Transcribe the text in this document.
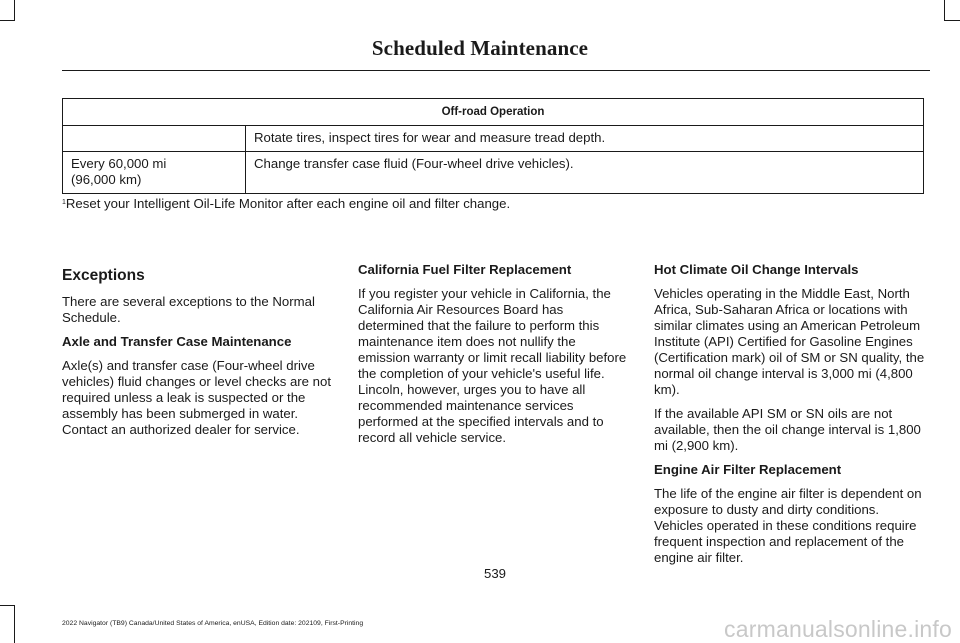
Scheduled Maintenance
Off-road Operation	
	Rotate tires, inspect tires for wear and measure tread depth.

Every 60,000 mi
(96,000 km)	Change transfer case fluid (Four-wheel drive vehicles).
$^1$Reset your Intelligent Oil-Life Monitor after each engine oil and filter change.
Exceptions

There are several exceptions to the Normal Schedule.

Axle and Transfer Case Maintenance

Axle(s) and transfer case (Four-wheel drive vehicles) fluid changes or level checks are not required unless a leak is suspected or the assembly has been submerged in water. Contact an authorized dealer for service.

California Fuel Filter Replacement

If you register your vehicle in California, the California Air Resources Board has determined that the failure to perform this maintenance item does not nullify the emission warranty or limit recall liability before the completion of your vehicle's useful life. Lincoln, however, urges you to have all recommended maintenance services performed at the specified intervals and to record all vehicle service.

Hot Climate Oil Change Intervals

Vehicles operating in the Middle East, North Africa, Sub-Saharan Africa or locations with similar climates using an American Petroleum Institute (API) Certified for Gasoline Engines (Certification mark) oil of SM or SN quality, the normal oil change interval is 3,000 mi (4,800 km).

If the available API SM or SN oils are not available, then the oil change interval is 1,800 mi (2,900 km).

Engine Air Filter Replacement

The life of the engine air filter is dependent on exposure to dusty and dirty conditions. Vehicles operated in these conditions require frequent inspection and replacement of the engine air filter.

539
2022 Navigator (TB9) Canada/United States of America, enUSA, Edition date: 202109, First-Printing	carmanualsonline.info
